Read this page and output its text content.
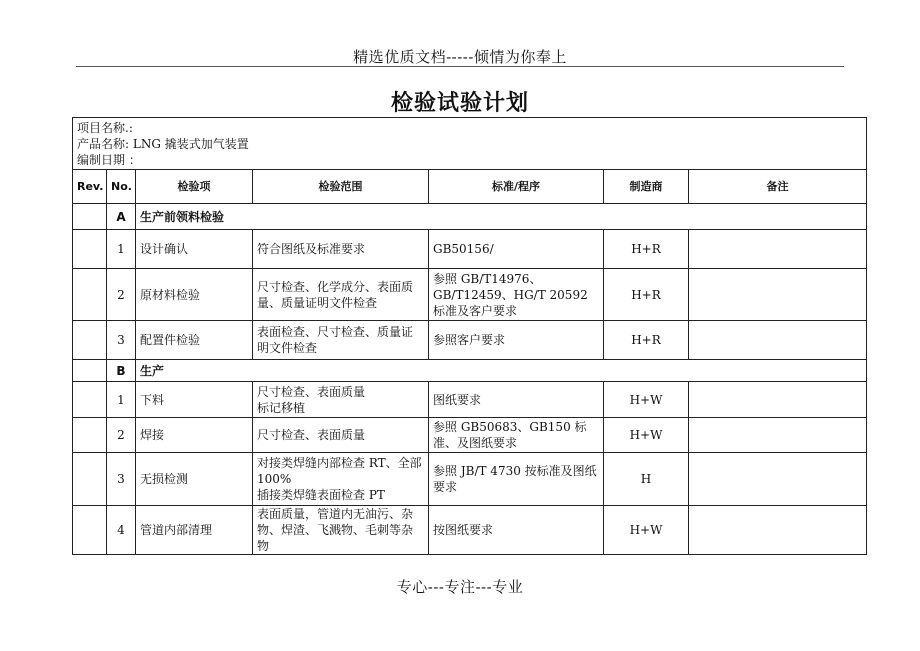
精选优质文档-----倾情为你奉上
检验试验计划
项目名称.:
产品名称: LNG 撬装式加气装置
编制日期 ：						

Rev.	No.	检验项	检验范围	标准/程序	制造商	备注
	A	生产前领料检验				
	1	设计确认	符合图纸及标准要求	GB50156/	H+R	
	2	原材料检验	尺寸检查、化学成分、表面质量、质量证明文件检查	参照 GB/T14976、GB/T12459、HG/T 20592 标准及客户要求	H+R	
	3	配置件检验	表面检查、尺寸检查、质量证明文件检查	参照客户要求	H+R	
	B	生产				
	1	下料	尺寸检查、表面质量
标记移植	图纸要求	H+W	
	2	焊接	尺寸检查、表面质量	参照 GB50683、GB150 标准、及图纸要求	H+W	
	3	无损检测	对接类焊缝内部检查 RT、全部100%
插接类焊缝表面检查 PT	参照 JB/T 4730 按标准及图纸要求	H	
	4	管道内部清理	表面质量，管道内无油污、杂物、焊渣、飞溅物、毛刺等杂物	按图纸要求	H+W	
专心---专注---专业
